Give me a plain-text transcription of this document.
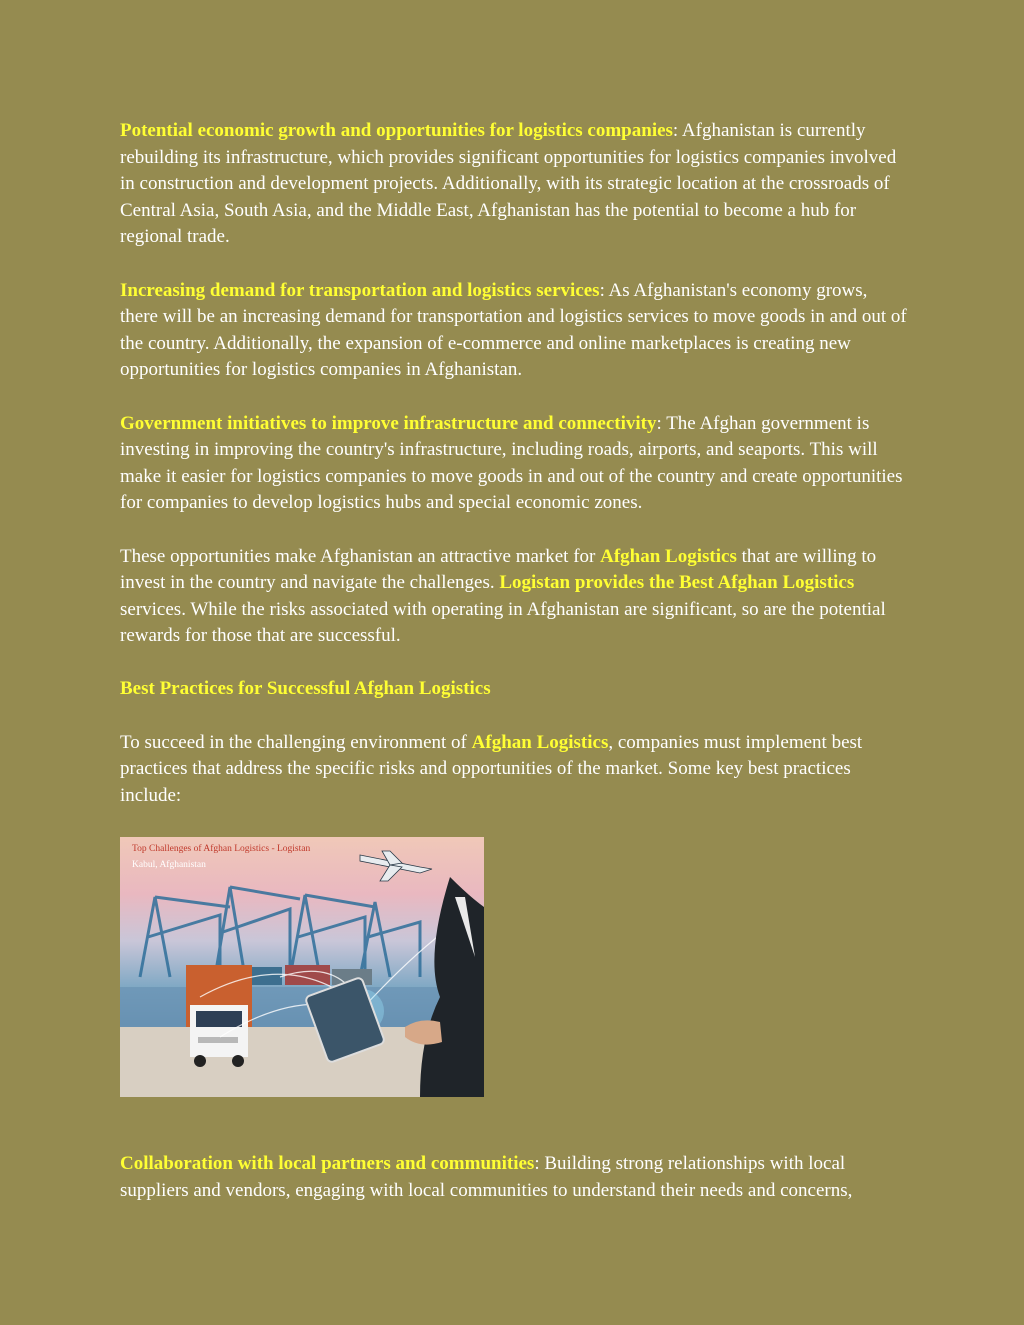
Potential economic growth and opportunities for logistics companies: Afghanistan is currently rebuilding its infrastructure, which provides significant opportunities for logistics companies involved in construction and development projects. Additionally, with its strategic location at the crossroads of Central Asia, South Asia, and the Middle East, Afghanistan has the potential to become a hub for regional trade.

Increasing demand for transportation and logistics services: As Afghanistan's economy grows, there will be an increasing demand for transportation and logistics services to move goods in and out of the country. Additionally, the expansion of e-commerce and online marketplaces is creating new opportunities for logistics companies in Afghanistan.

Government initiatives to improve infrastructure and connectivity: The Afghan government is investing in improving the country's infrastructure, including roads, airports, and seaports. This will make it easier for logistics companies to move goods in and out of the country and create opportunities for companies to develop logistics hubs and special economic zones.

These opportunities make Afghanistan an attractive market for Afghan Logistics that are willing to invest in the country and navigate the challenges. Logistan provides the Best Afghan Logistics services. While the risks associated with operating in Afghanistan are significant, so are the potential rewards for those that are successful.

Best Practices for Successful Afghan Logistics

To succeed in the challenging environment of Afghan Logistics, companies must implement best practices that address the specific risks and opportunities of the market. Some key best practices include:

Top Challenges of Afghan Logistics - Logistan
Kabul, Afghanistan

Collaboration with local partners and communities: Building strong relationships with local suppliers and vendors, engaging with local communities to understand their needs and concerns,
